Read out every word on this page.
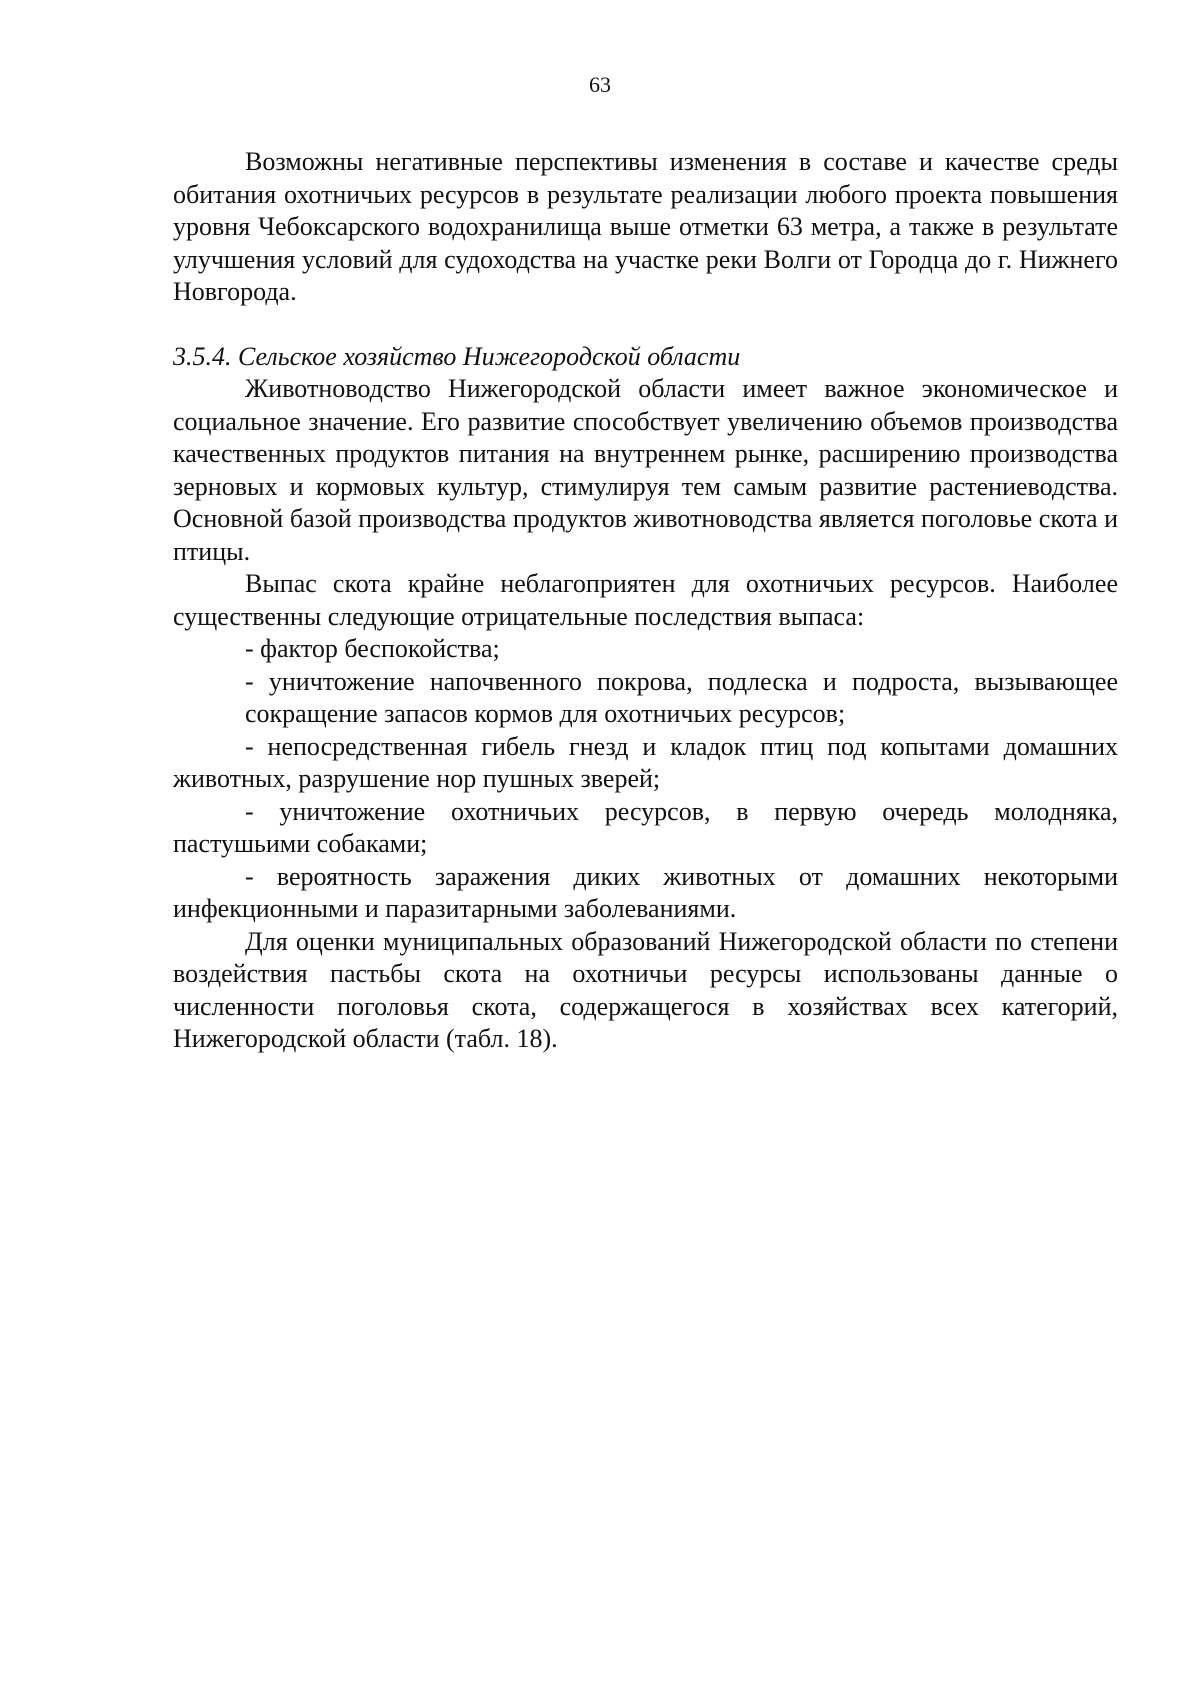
63

Возможны негативные перспективы изменения в составе и качестве среды обитания охотничьих ресурсов в результате реализации любого проекта повышения уровня Чебоксарского водохранилища выше отметки 63 метра, а также в результате улучшения условий для судоходства на участке реки Волги от Городца до г. Нижнего Новгорода.

3.5.4. Сельское хозяйство Нижегородской области

Животноводство Нижегородской области имеет важное экономическое и социальное значение. Его развитие способствует увеличению объемов производства качественных продуктов питания на внутреннем рынке, расширению производства зерновых и кормовых культур, стимулируя тем самым развитие растениеводства. Основной базой производства продуктов животноводства является поголовье скота и птицы.

Выпас скота крайне неблагоприятен для охотничьих ресурсов. Наиболее существенны следующие отрицательные последствия выпаса:

- фактор беспокойства;

- уничтожение напочвенного покрова, подлеска и подроста, вызывающее

сокращение запасов кормов для охотничьих ресурсов;

- непосредственная гибель гнезд и кладок птиц под копытами домашних животных, разрушение нор пушных зверей;

- уничтожение охотничьих ресурсов, в первую очередь молодняка, пастушьими собаками;

- вероятность заражения диких животных от домашних некоторыми инфекционными и паразитарными заболеваниями.

Для оценки муниципальных образований Нижегородской области по степени воздействия пастьбы скота на охотничьи ресурсы использованы данные о численности поголовья скота, содержащегося в хозяйствах всех категорий, Нижегородской области (табл. 18).
